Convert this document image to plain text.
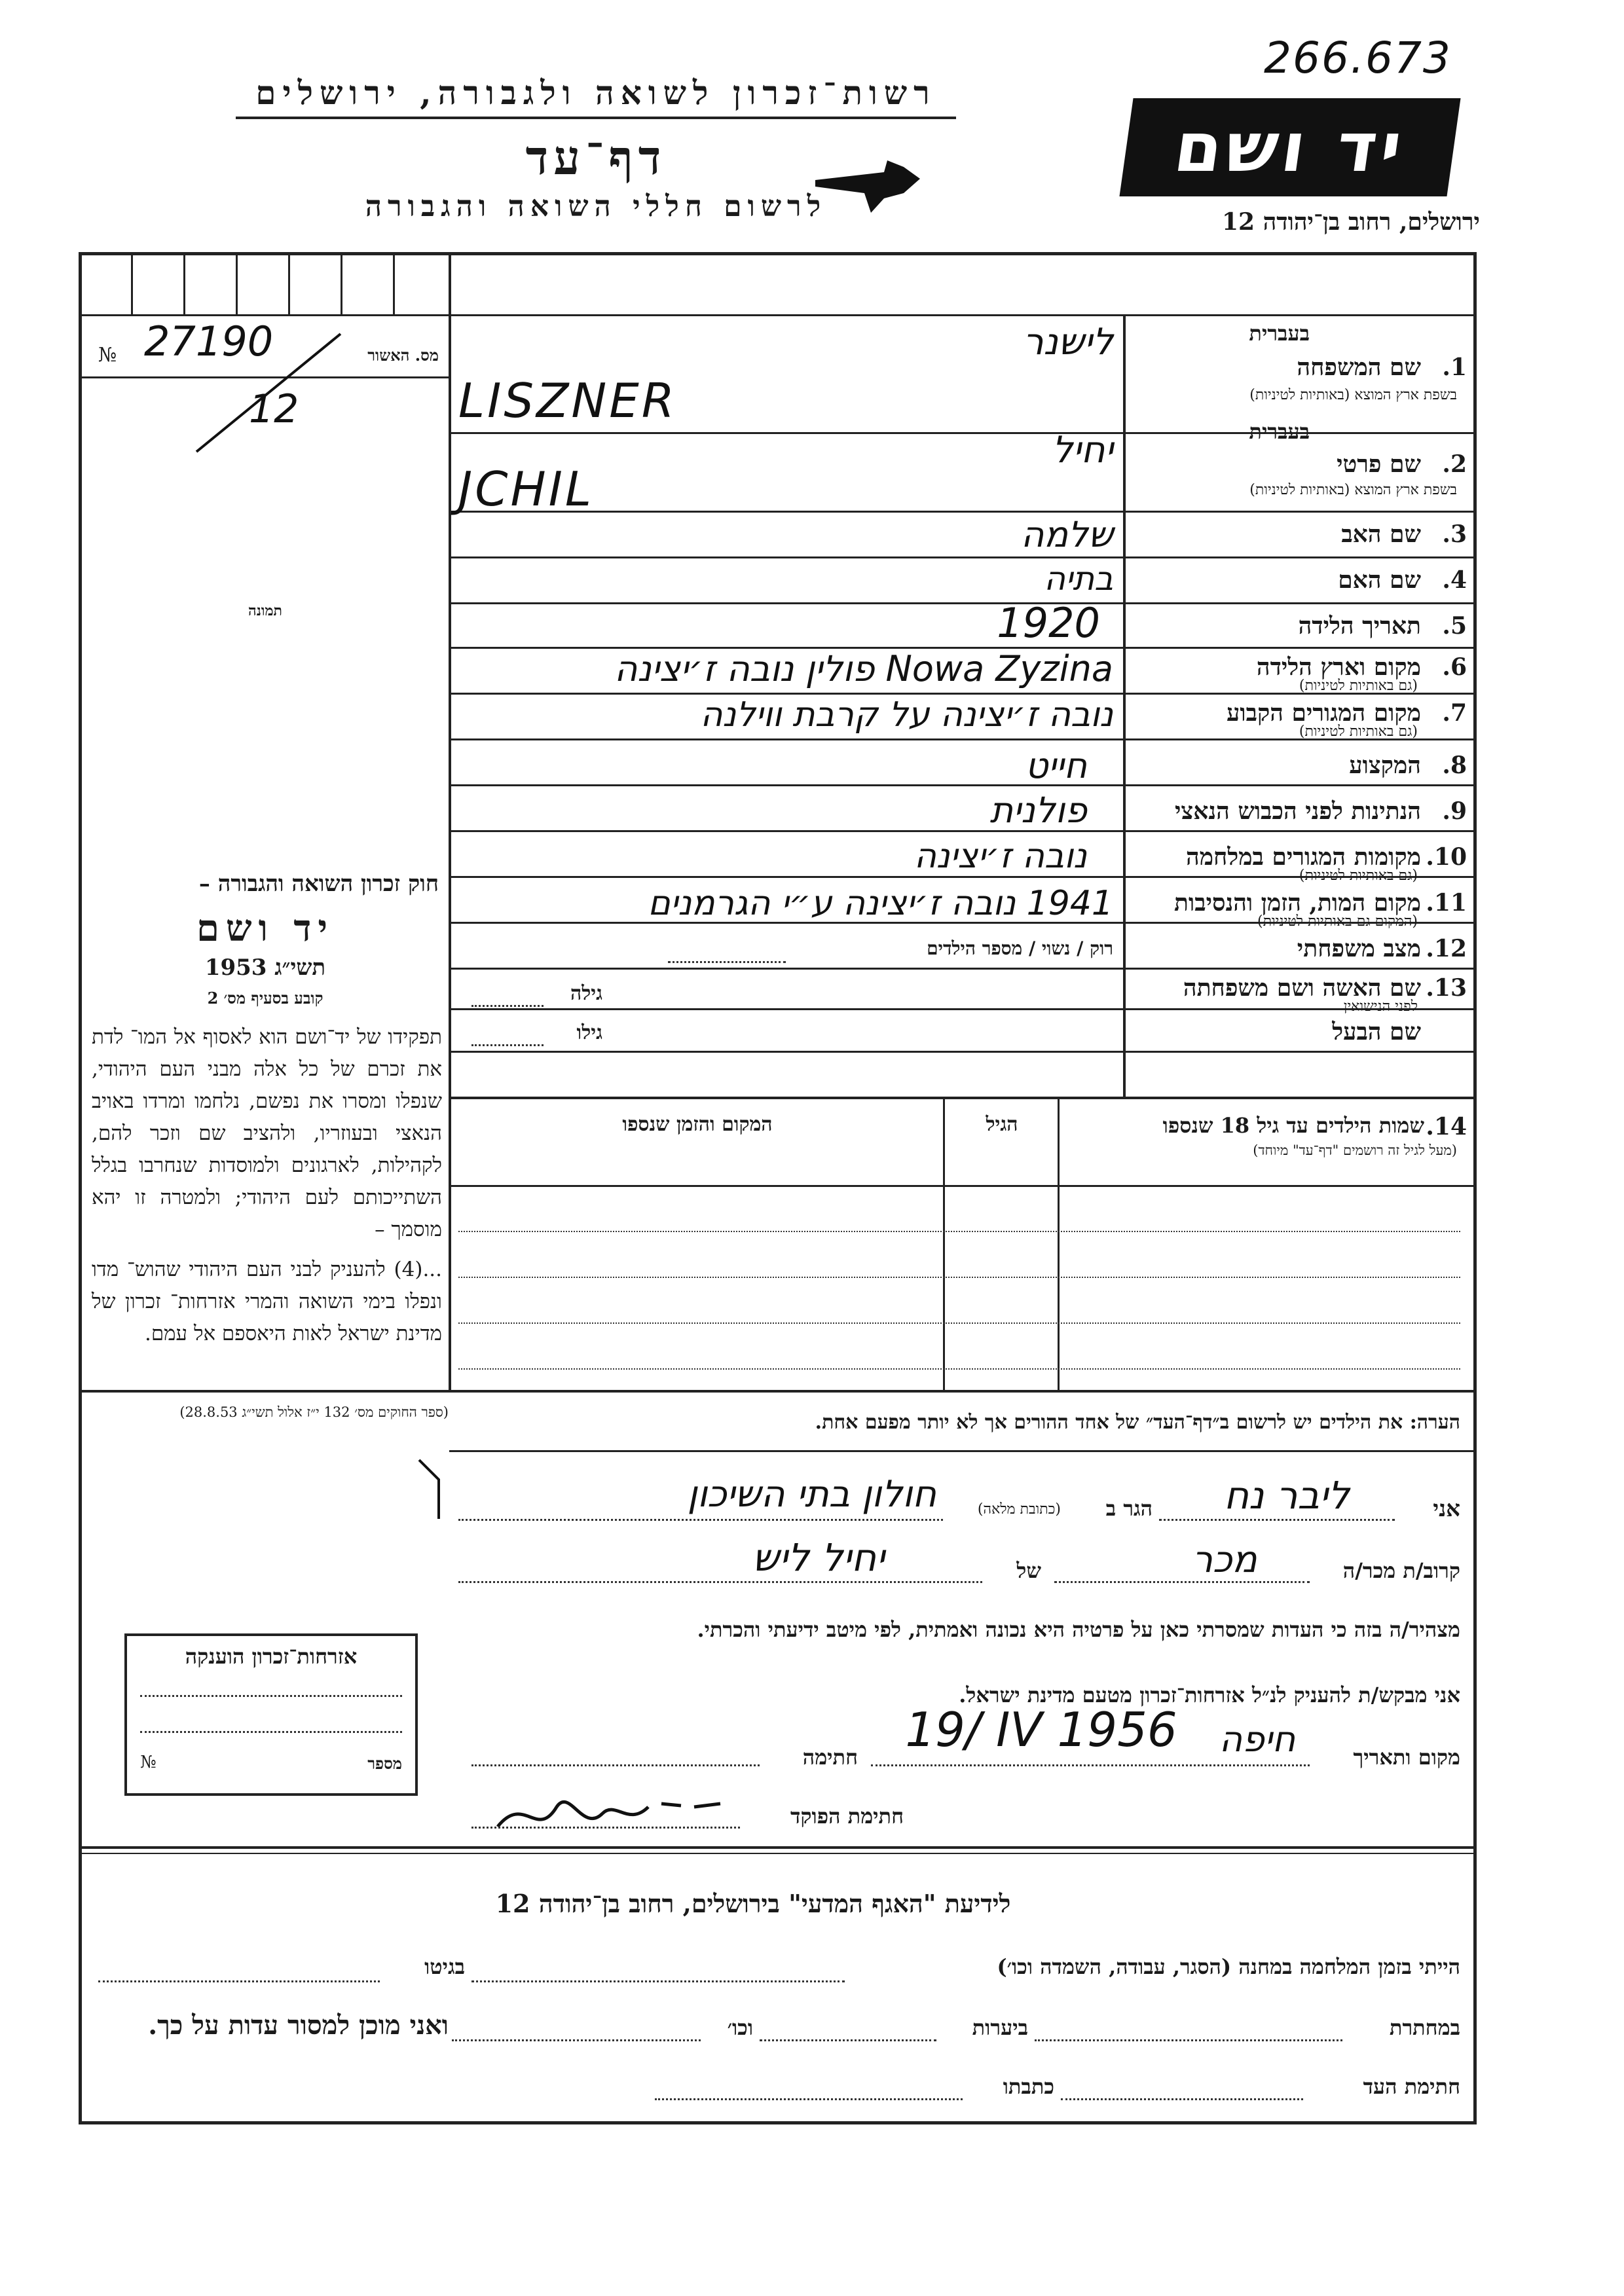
266.673
רשות־זכרון לשואה ולגבורה, ירושלים
דף־עד
לרשום חללי השואה והגבורה
יד ושם
ירושלים, רחוב בן־יהודה 12
№ 27190	מס. האשור
12
תמונה
חוק זכרון השואה והגבורה –
יד ושם
תשי״ג 1953
קובע בסעיף מס׳ 2
תפקידו של יד־ושם הוא לאסוף אל המו־ לדת את זכרם של כל אלה מבני העם היהודי, שנפלו ומסרו את נפשם, נלחמו ומרדו באויב הנאצי ובעוזריו, ולהציב שם וזכר להם, לקהילות, לארגונים ולמוסדות שנחרבו בגלל השתייכותם לעם היהודי; ולמטרה זו יהא מוסמך –
...(4) להעניק לבני העם היהודי שהוש־ מדו ונפלו בימי השואה והמרי אזרחות־ זכרון של מדינת ישראל לאות היאספם אל עמם.
(ספר החוקים מס׳ 132 י״ז אלול תשי״ג 28.8.53)
בעברית
1.
שם המשפחה
בשפת ארץ המוצא (באותיות לטיניות)
לישנר
LISZNER
בעברית
2.
שם פרטי
בשפת ארץ המוצא (באותיות לטיניות)
יחיל
JCHIL
3.
שם האב
שלמה
4.
שם האם
בתיה
5.
תאריך הלידה
1920
6.
מקום וארץ הלידה
(גם באותיות לטיניות)
Nowa Zyzina פולין נובה ז׳יצינה
7.
מקום המגורים הקבוע
(גם באותיות לטיניות)
נובה ז׳יצינה על קרבת ווילנה
8.
המקצוע
חייט
9.
הנתינות לפני הכבוש הנאצי
פולנית
10.
מקומות המגורים במלחמה
(גם באותיות לטיניות)
נובה ז׳יצינה
11.
מקום המות, הזמן והנסיבות
(המקום גם באותיות לטיניות)
1941 נובה ז׳יצינה ע״י הגרמנים
12.
מצב משפחתי
רוק / נשוי / מספר הילדים
13.
שם האשה ושם משפחתה
לפני הנישואין
גילה
שם הבעל
גילו
14.
שמות הילדים עד גיל 18 שנספו
(מעל לגיל זה רושמים "דף־עד" מיוחד)
הגיל
המקום והזמן שנספו
הערה: את הילדים יש לרשום ב״דף־העד״ של אחד ההורים אך לא יותר מפעם אחת.
אני
ליבר נח
הגר ב
(כתובת מלאה)
חולון בתי השיכון
קרוב/ת מכר/ה
מכר
של
יחיל ליש
מצהיר/ה בזה כי העדות שמסרתי כאן על פרטיה היא נכונה ואמתית, לפי מיטב ידיעתי והכרתי.
אני מבקש/ת להעניק לנ״ל אזרחות־זכרון מטעם מדינת ישראל.
מקום ותאריך
חיפה
19/ IV 1956
חתימה
חתימת הפוקד
אזרחות־זכרון הוענקה
מספר
№
לידיעת "האגף המדעי" בירושלים, רחוב בן־יהודה 12
הייתי בזמן המלחמה במחנה (הסגר, עבודה, השמדה וכו׳)
בגיטו
במחתרת
ביערות
וכו׳
ואני מוכן למסור עדות על כך.
חתימת העד
כתבתו
